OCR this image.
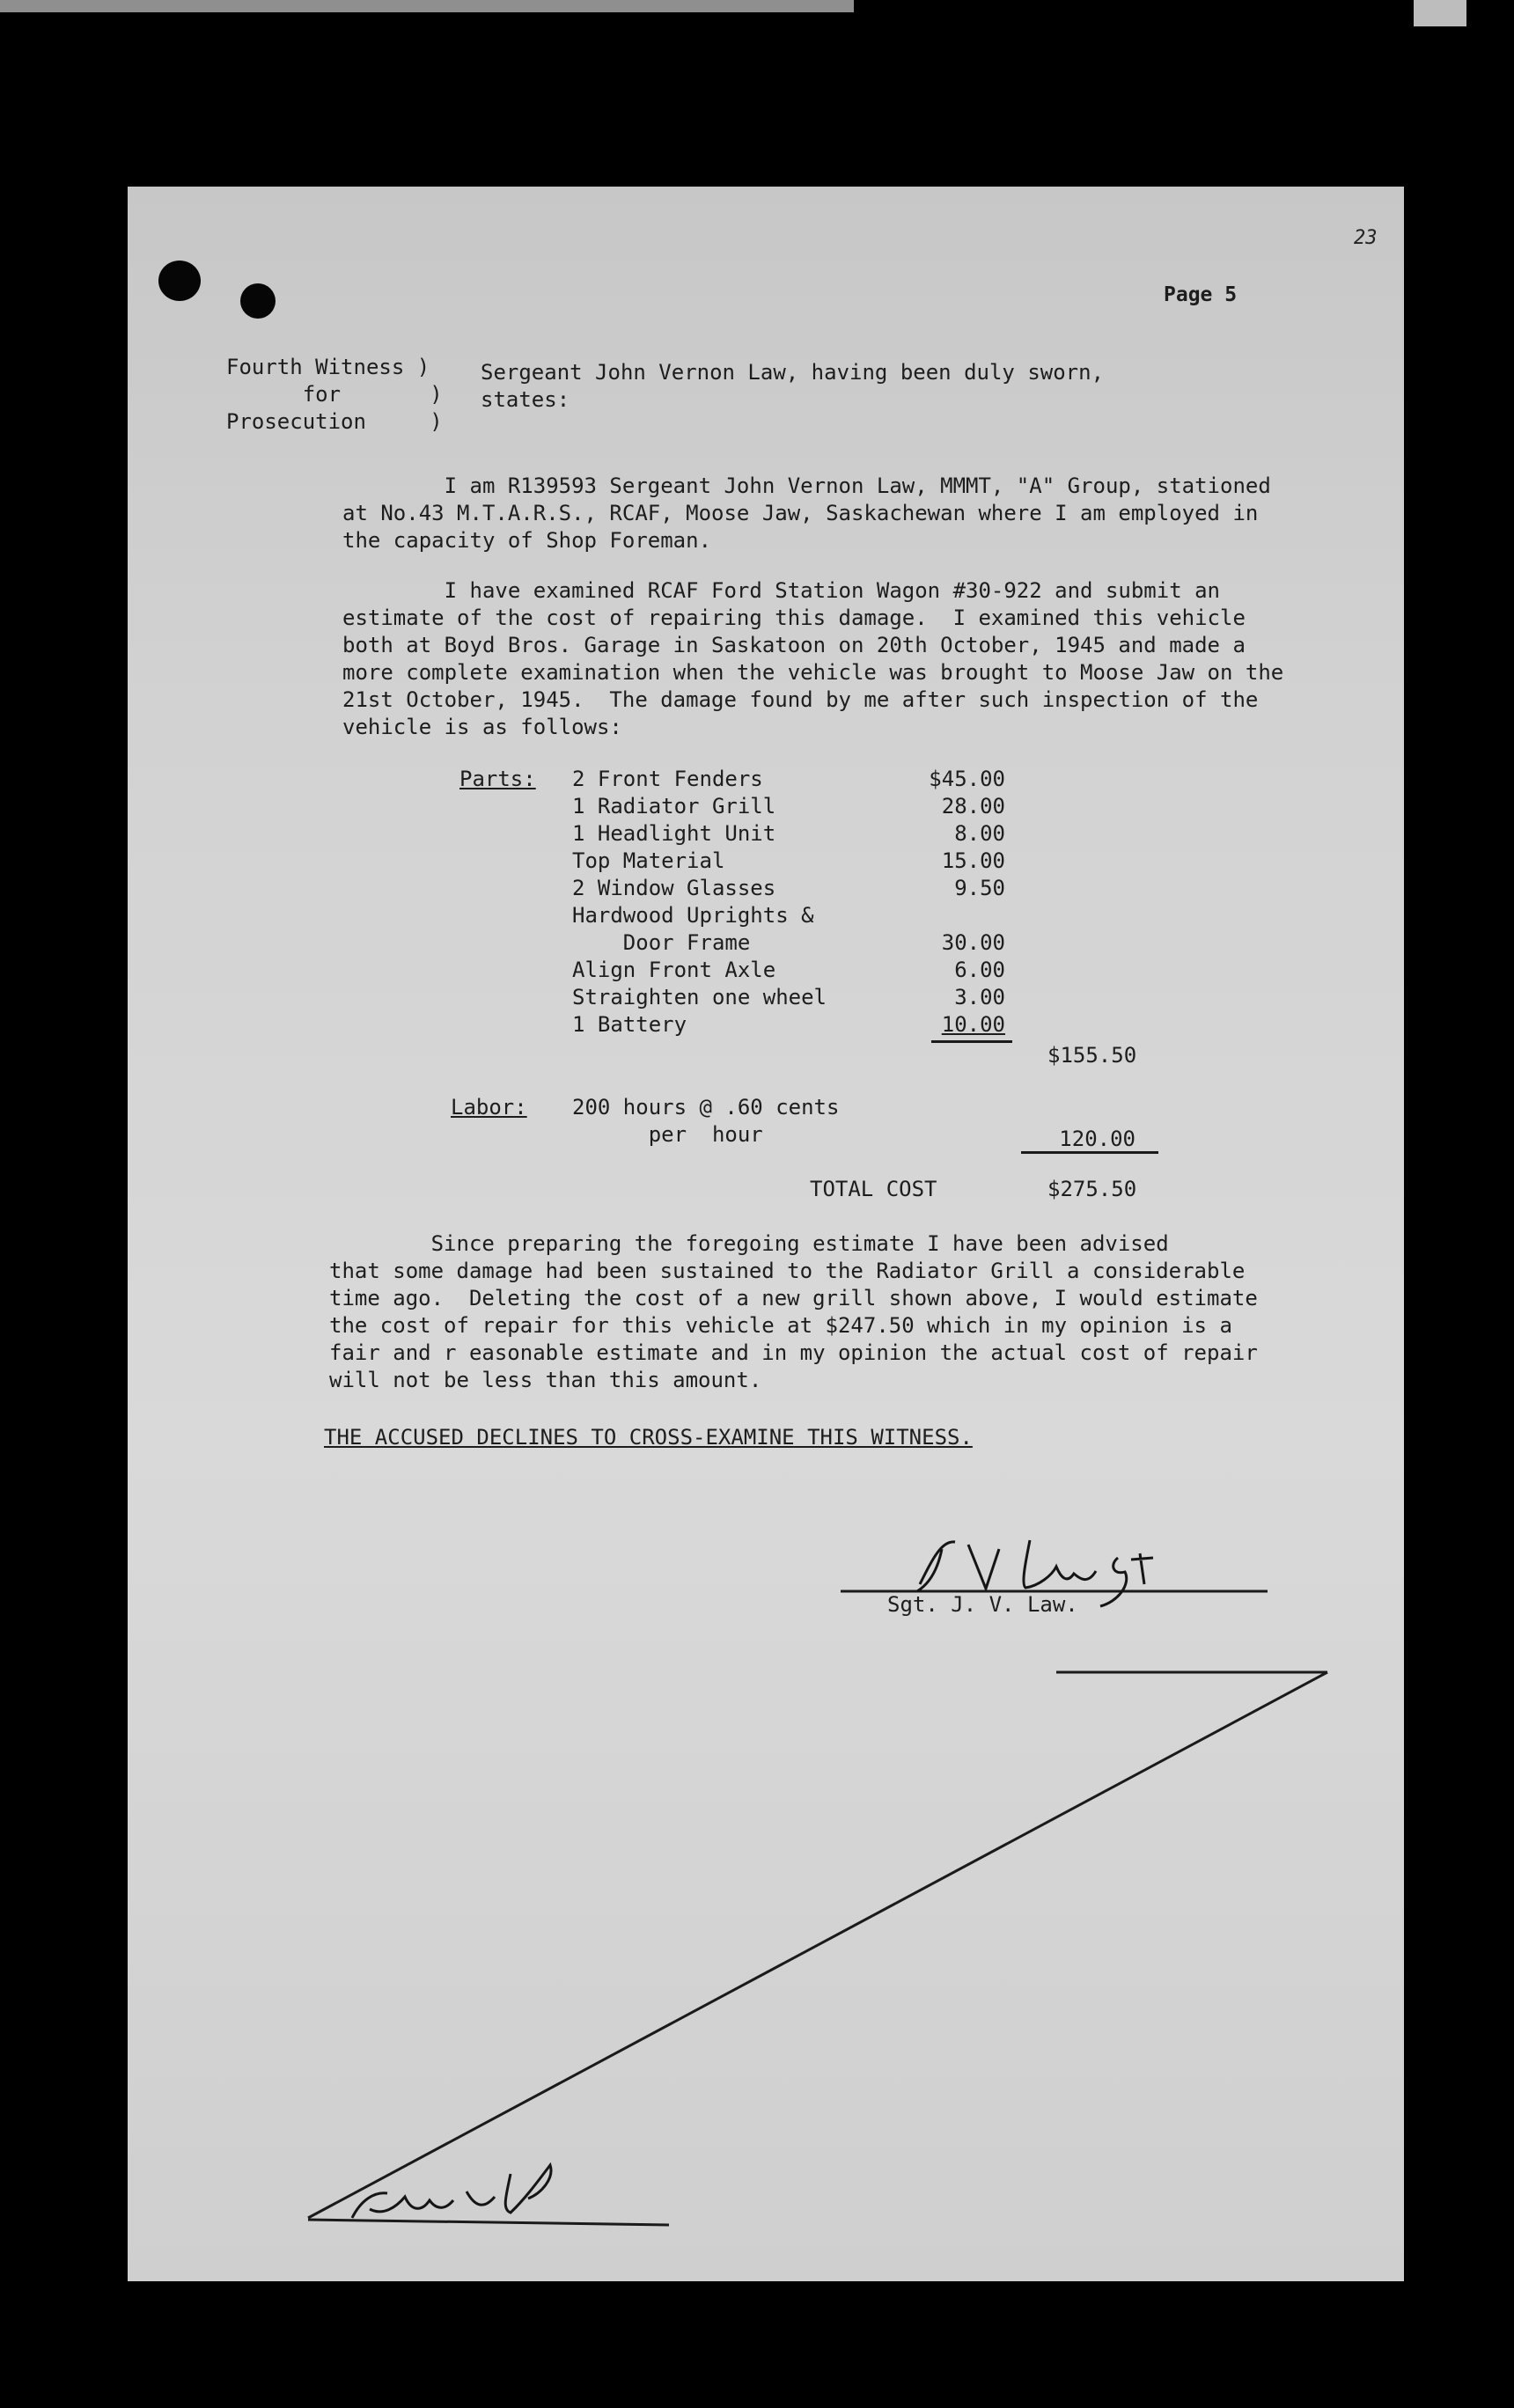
Page 5
23
Fourth Witness )
for       )
Prosecution     )
Sergeant John Vernon Law, having been duly sworn,
states:
I am R139593 Sergeant John Vernon Law, MMMT, "A" Group, stationed
at No.43 M.T.A.R.S., RCAF, Moose Jaw, Saskachewan where I am employed in
the capacity of Shop Foreman.
I have examined RCAF Ford Station Wagon #30-922 and submit an
estimate of the cost of repairing this damage.  I examined this vehicle
both at Boyd Bros. Garage in Saskatoon on 20th October, 1945 and made a
more complete examination when the vehicle was brought to Moose Jaw on the
21st October, 1945.  The damage found by me after such inspection of the
vehicle is as follows:
Parts: 2 Front Fenders	$45.00
1 Radiator Grill	28.00
1 Headlight Unit	8.00
Top Material	15.00
2 Window Glasses	9.50
Hardwood Uprights &
Door Frame	30.00
Align Front Axle	6.00
Straighten one wheel	3.00
1 Battery	10.00
$155.50
Labor: 200 hours @ .60 cents
per  hour	120.00
TOTAL COST	$275.50
Since preparing the foregoing estimate I have been advised
that some damage had been sustained to the Radiator Grill a considerable
time ago.  Deleting the cost of a new grill shown above, I would estimate
the cost of repair for this vehicle at $247.50 which in my opinion is a
fair and r easonable estimate and in my opinion the actual cost of repair
will not be less than this amount.
THE ACCUSED DECLINES TO CROSS-EXAMINE THIS WITNESS.
Sgt. J. V. Law.
